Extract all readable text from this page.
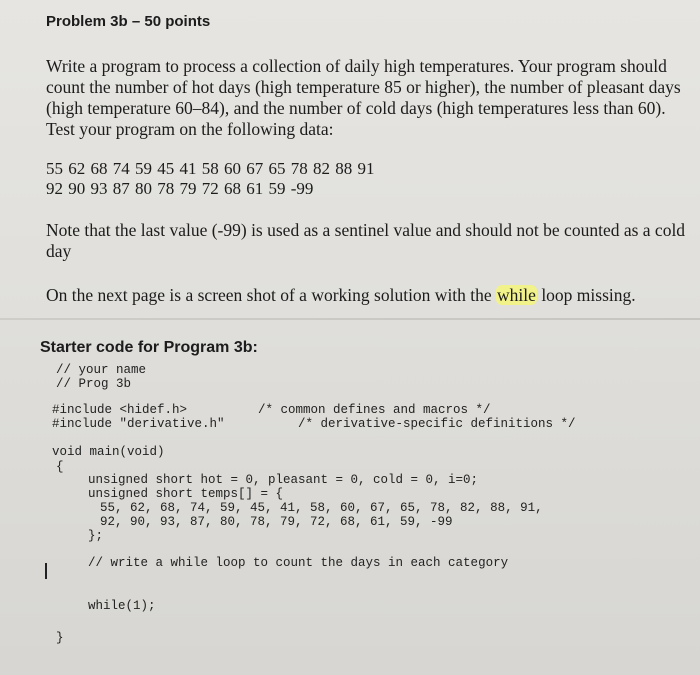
Problem 3b – 50 points

Write a program to process a collection of daily high temperatures. Your program should count the number of hot days (high temperature 85 or higher), the number of pleasant days (high temperature 60–84), and the number of cold days (high temperatures less than 60). Test your program on the following data:

55 62 68 74 59 45 41 58 60 67 65 78 82 88 91

92 90 93 87 80 78 79 72 68 61 59 -99

Note that the last value (-99) is used as a sentinel value and should not be counted as a cold day

On the next page is a screen shot of a working solution with the while loop missing.

Starter code for Program 3b:
// your name
// Prog 3b
#include <hidef.h>	/* common defines and macros */
#include "derivative.h"	/* derivative-specific definitions */
void main(void)
{
unsigned short hot = 0, pleasant = 0, cold = 0, i=0;
unsigned short temps[] = {
55, 62, 68, 74, 59, 45, 41, 58, 60, 67, 65, 78, 82, 88, 91,
92, 90, 93, 87, 80, 78, 79, 72, 68, 61, 59, -99
};
// write a while loop to count the days in each category
while(1);
}
